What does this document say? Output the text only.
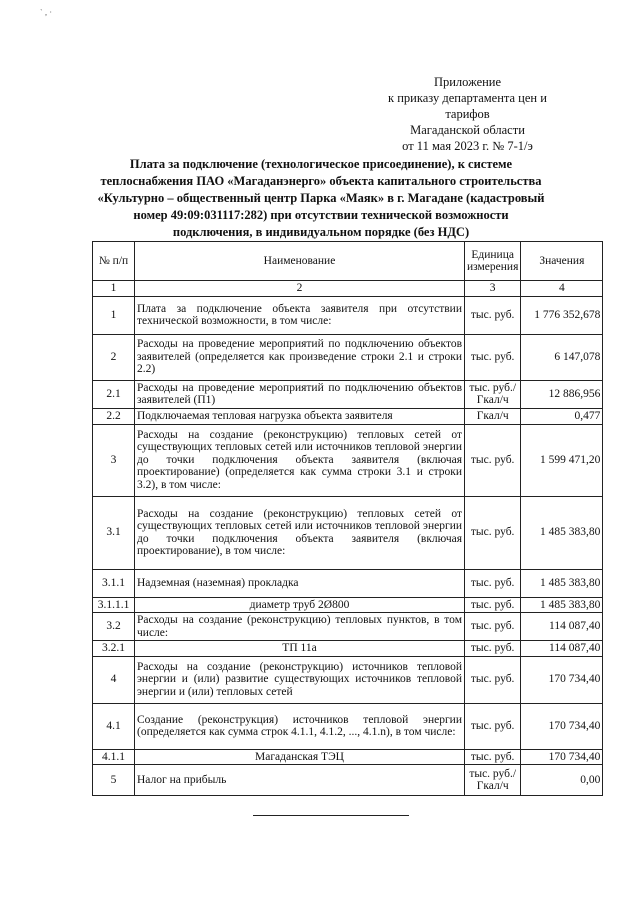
` ‚ ·
Приложение
к приказу департамента цен и тарифов
Магаданской области
от 11 мая 2023 г. № 7-1/э
Плата за подключение (технологическое присоединение), к системе теплоснабжения ПАО «Магаданэнерго» объекта капитального строительства «Культурно – общественный центр Парка «Маяк» в г. Магадане (кадастровый номер 49:09:031117:282) при отсутствии технической возможности подключения, в индивидуальном порядке (без НДС)
№ п/п	Наименование	Единица измерения	Значения
1	2	3	4
1	Плата за подключение объекта заявителя при отсутствии технической возможности, в том числе:	тыс. руб.	1 776 352,678
2	Расходы на проведение мероприятий по подключению объектов заявителей (определяется как произведение строки 2.1 и строки 2.2)	тыс. руб.	6 147,078
2.1	Расходы на проведение мероприятий по подключению объектов заявителей (П1)	тыс. руб./ Гкал/ч	12 886,956
2.2	Подключаемая тепловая нагрузка объекта заявителя	Гкал/ч	0,477
3	Расходы на создание (реконструкцию) тепловых сетей от существующих тепловых сетей или источников тепловой энергии до точки подключения объекта заявителя (включая проектирование) (определяется как сумма строки 3.1 и строки 3.2), в том числе:	тыс. руб.	1 599 471,20
3.1	Расходы на создание (реконструкцию) тепловых сетей от существующих тепловых сетей или источников тепловой энергии до точки подключения объекта заявителя (включая проектирование), в том числе:	тыс. руб.	1 485 383,80
3.1.1	Надземная (наземная) прокладка	тыс. руб.	1 485 383,80
3.1.1.1	диаметр труб 2Ø800	тыс. руб.	1 485 383,80
3.2	Расходы на создание (реконструкцию) тепловых пунктов, в том числе:	тыс. руб.	114 087,40
3.2.1	ТП 11а	тыс. руб.	114 087,40
4	Расходы на создание (реконструкцию) источников тепловой энергии и (или) развитие существующих источников тепловой энергии и (или) тепловых сетей	тыс. руб.	170 734,40
4.1	Создание (реконструкция) источников тепловой энергии (определяется как сумма строк 4.1.1, 4.1.2, ..., 4.1.n), в том числе:	тыс. руб.	170 734,40
4.1.1	Магаданская ТЭЦ	тыс. руб.	170 734,40
5	Налог на прибыль	тыс. руб./ Гкал/ч	0,00
